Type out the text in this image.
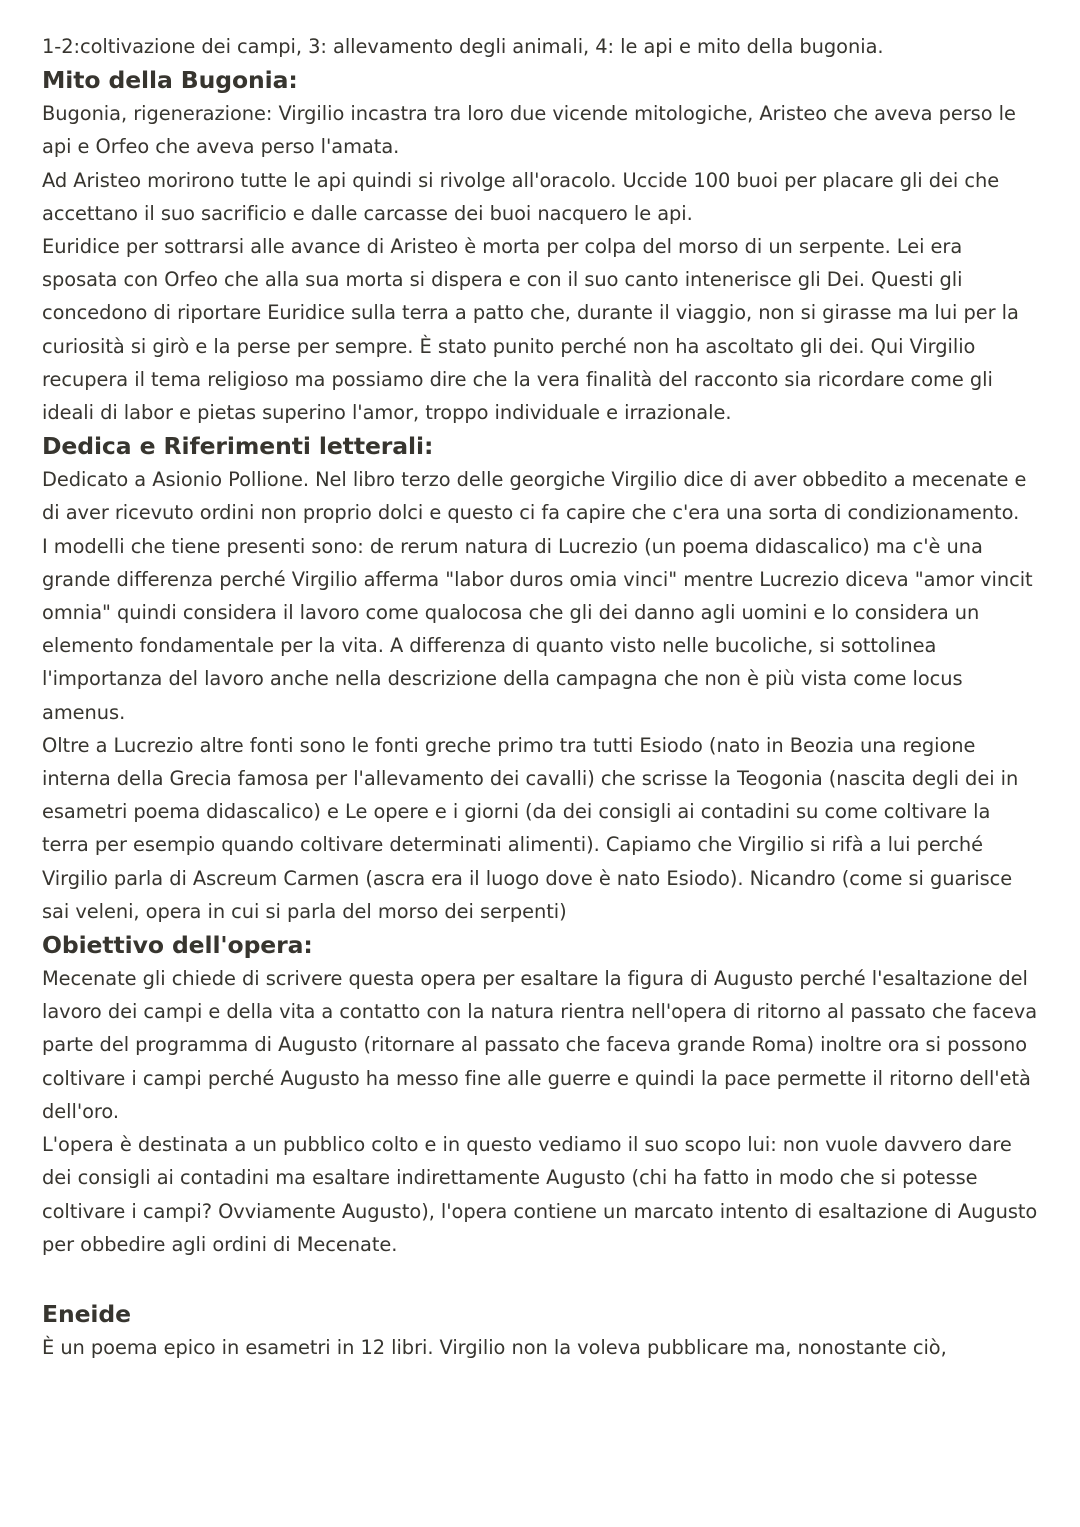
1-2:coltivazione dei campi, 3: allevamento degli animali, 4: le api e mito della bugonia.

Mito della Bugonia:

Bugonia, rigenerazione: Virgilio incastra tra loro due vicende mitologiche, Aristeo che aveva perso le api e Orfeo che aveva perso l'amata.

Ad Aristeo morirono tutte le api quindi si rivolge all'oracolo. Uccide 100 buoi per placare gli dei che accettano il suo sacrificio e dalle carcasse dei buoi nacquero le api.

Euridice per sottrarsi alle avance di Aristeo è morta per colpa del morso di un serpente. Lei era sposata con Orfeo che alla sua morta si dispera e con il suo canto intenerisce gli Dei. Questi gli concedono di riportare Euridice sulla terra a patto che, durante il viaggio, non si girasse ma lui per la curiosità si girò e la perse per sempre. È stato punito perché non ha ascoltato gli dei. Qui Virgilio recupera il tema religioso ma possiamo dire che la vera finalità del racconto sia ricordare come gli ideali di labor e pietas superino l'amor, troppo individuale e irrazionale.

Dedica e Riferimenti letterali:

Dedicato a Asionio Pollione. Nel libro terzo delle georgiche Virgilio dice di aver obbedito a mecenate e di aver ricevuto ordini non proprio dolci e questo ci fa capire che c'era una sorta di condizionamento.

I modelli che tiene presenti sono: de rerum natura di Lucrezio (un poema didascalico) ma c'è una grande differenza perché Virgilio afferma "labor duros omia vinci" mentre Lucrezio diceva "amor vincit omnia" quindi considera il lavoro come qualocosa che gli dei danno agli uomini e lo considera un elemento fondamentale per la vita. A differenza di quanto visto nelle bucoliche, si sottolinea l'importanza del lavoro anche nella descrizione della campagna che non è più vista come locus amenus.

Oltre a Lucrezio altre fonti sono le fonti greche primo tra tutti Esiodo (nato in Beozia una regione interna della Grecia famosa per l'allevamento dei cavalli) che scrisse la Teogonia (nascita degli dei in esametri poema didascalico) e Le opere e i giorni (da dei consigli ai contadini su come coltivare la terra per esempio quando coltivare determinati alimenti). Capiamo che Virgilio si rifà a lui perché Virgilio parla di Ascreum Carmen (ascra era il luogo dove è nato Esiodo). Nicandro (come si guarisce sai veleni, opera in cui si parla del morso dei serpenti)

Obiettivo dell'opera:

Mecenate gli chiede di scrivere questa opera per esaltare la figura di Augusto perché l'esaltazione del lavoro dei campi e della vita a contatto con la natura rientra nell'opera di ritorno al passato che faceva parte del programma di Augusto (ritornare al passato che faceva grande Roma) inoltre ora si possono coltivare i campi perché Augusto ha messo fine alle guerre e quindi la pace permette il ritorno dell'età dell'oro.

L'opera è destinata a un pubblico colto e in questo vediamo il suo scopo lui: non vuole davvero dare dei consigli ai contadini ma esaltare indirettamente Augusto (chi ha fatto in modo che si potesse coltivare i campi? Ovviamente Augusto), l'opera contiene un marcato intento di esaltazione di Augusto per obbedire agli ordini di Mecenate.

Eneide

È un poema epico in esametri in 12 libri. Virgilio non la voleva pubblicare ma, nonostante ciò,
